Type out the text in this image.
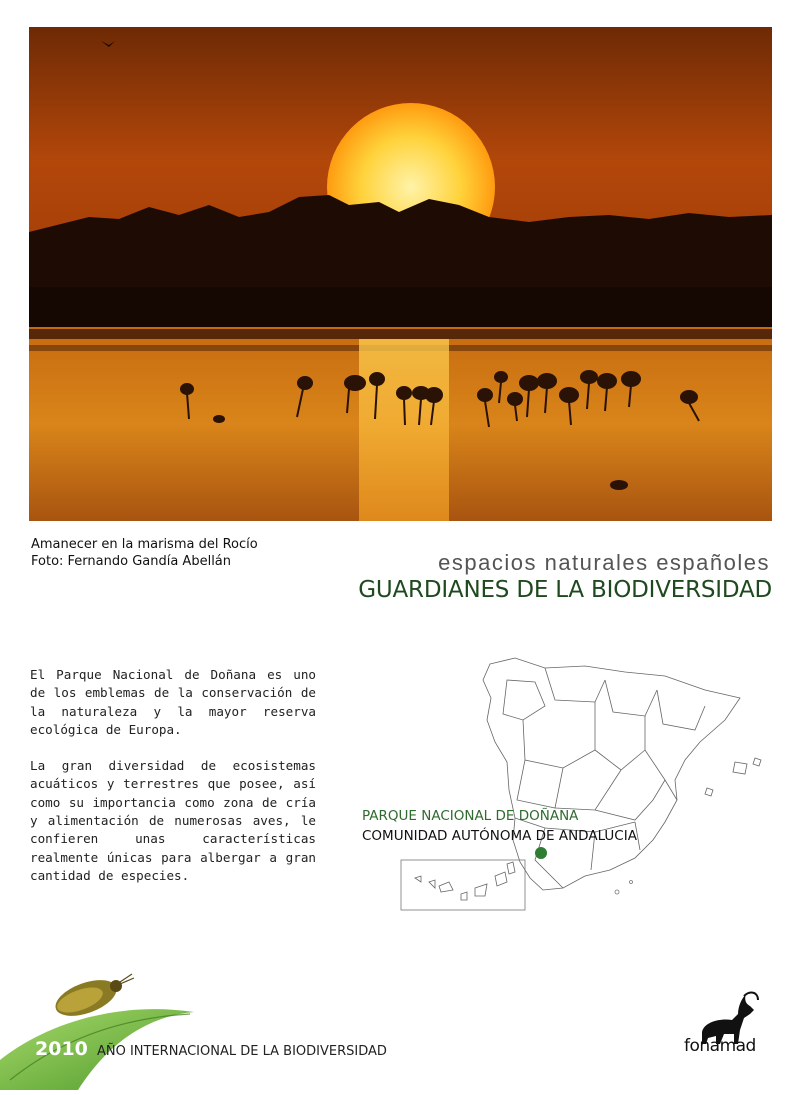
Amanecer en la marisma del Rocío
Foto: Fernando Gandía Abellán	espacios naturales españoles
GUARDIANES DE LA BIODIVERSIDAD

El Parque Nacional de Doñana es uno de los emblemas de la conservación de la naturaleza y la mayor reserva ecológica de Europa.

La gran diversidad de ecosistemas acuáticos y terrestres que posee, así como su importancia como zona de cría y alimentación de numerosas aves, le confieren unas características realmente únicas para albergar a gran cantidad de especies.

PARQUE NACIONAL DE DOÑANA
COMUNIDAD AUTÓNOMA DE ANDALUCIA
2010 AÑO INTERNACIONAL DE LA BIODIVERSIDAD	fonamad
